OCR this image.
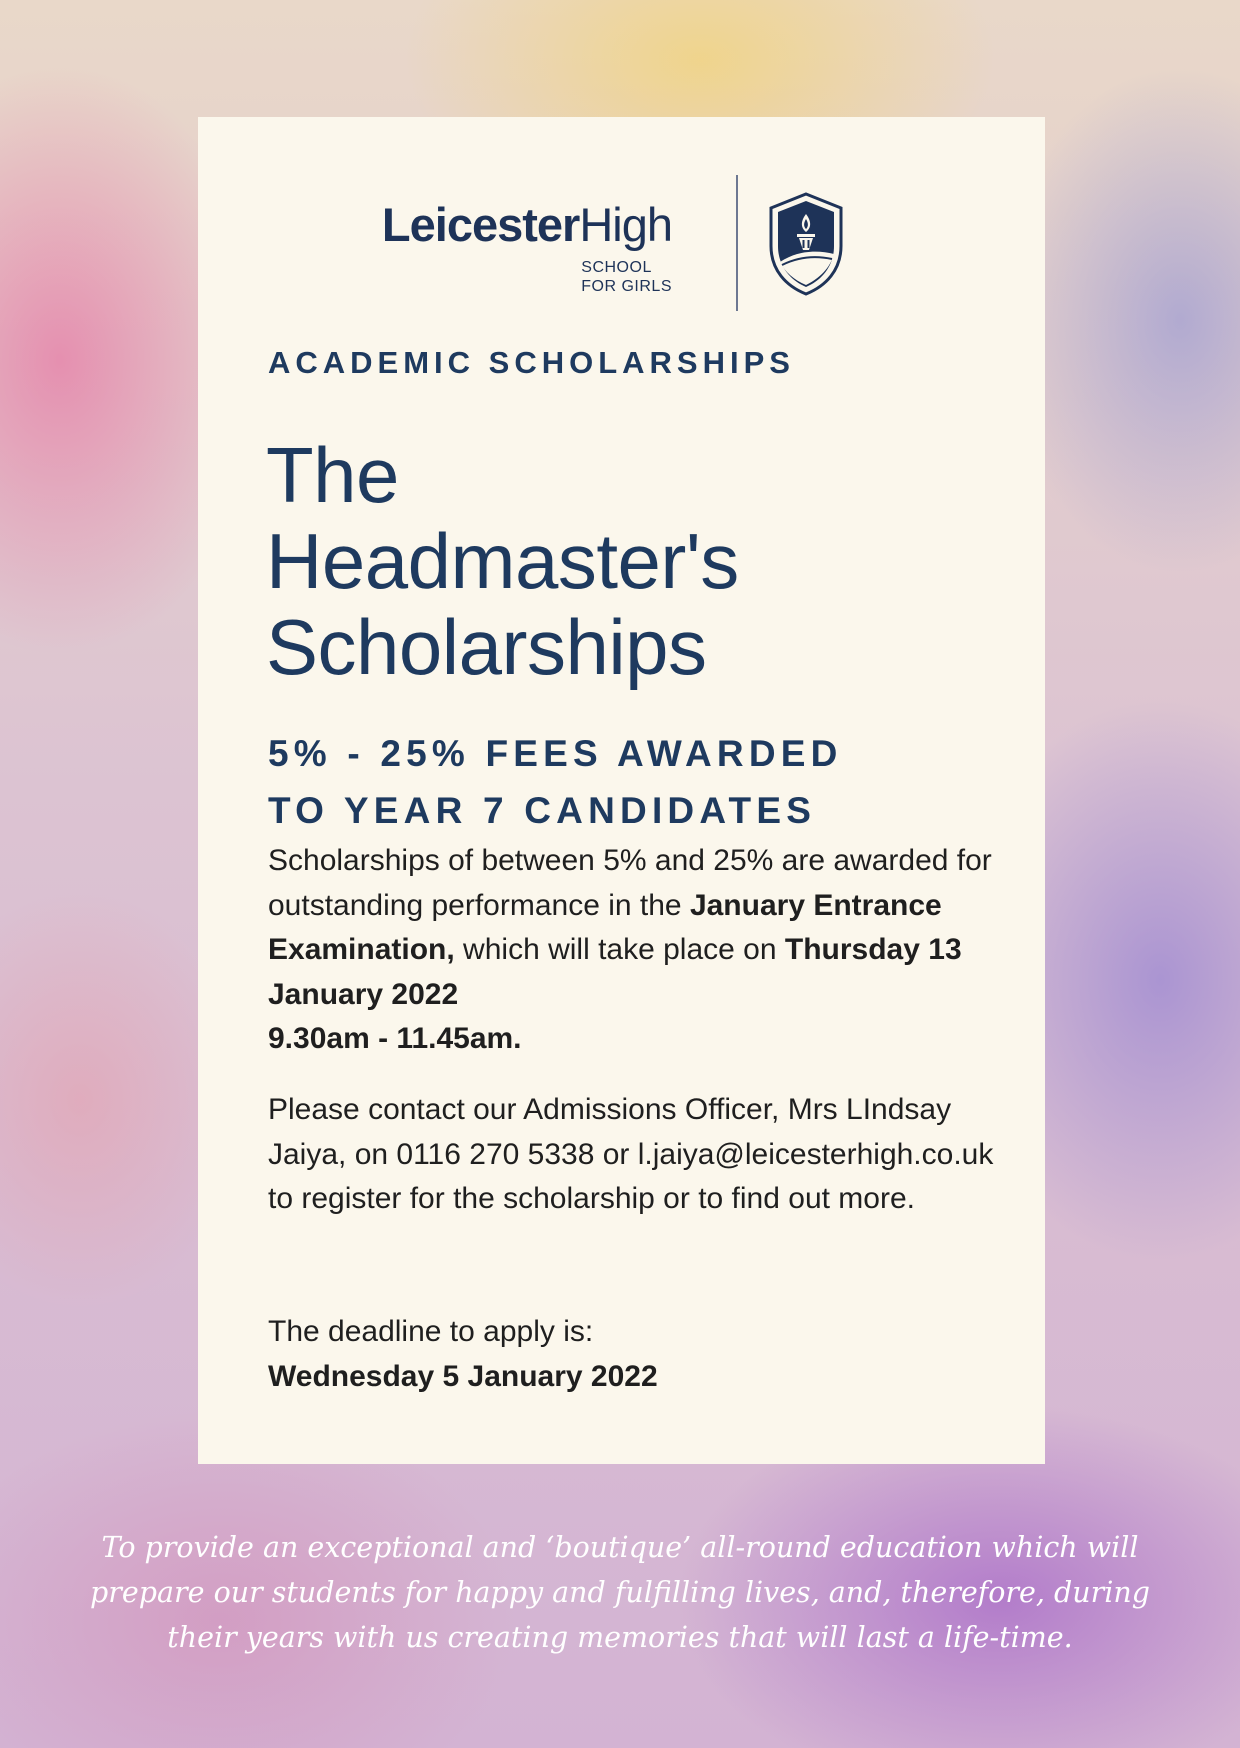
LeicesterHigh
SCHOOL
FOR GIRLS
ACADEMIC SCHOLARSHIPS
The
Headmaster's
Scholarships
5% - 25% FEES AWARDED
TO YEAR 7 CANDIDATES
Scholarships of between 5% and 25% are awarded for outstanding performance in the January Entrance Examination, which will take place on Thursday 13 January 2022
9.30am - 11.45am.
Please contact our Admissions Officer, Mrs LIndsay Jaiya, on 0116 270 5338 or l.jaiya@leicesterhigh.co.uk to register for the scholarship or to find out more.
The deadline to apply is:
Wednesday 5 January 2022
To provide an exceptional and ‘boutique’ all-round education which will
prepare our students for happy and fulfilling lives, and, therefore, during
their years with us creating memories that will last a life-time.
